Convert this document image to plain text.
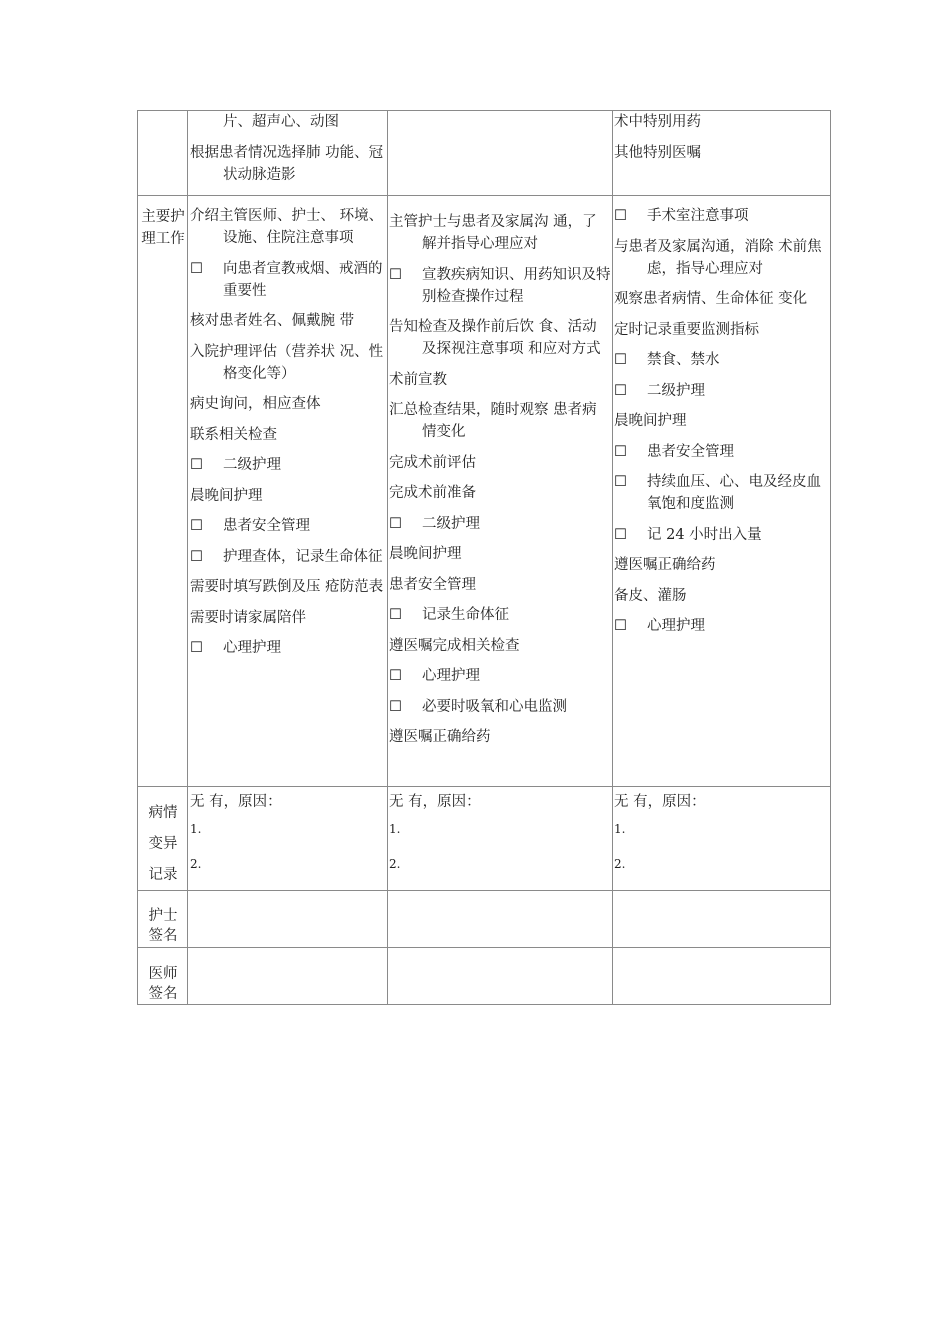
片、超声心、动图
根据患者情况选择肺 功能、冠状动脉造影
术中特别用药
其他特别医嘱
主要护理工作
介绍主管医师、护士、 环境、设施、住院注意事项
☐ 向患者宣教戒烟、戒酒的重要性
核对患者姓名、佩戴腕 带
入院护理评估（营养状 况、性格变化等）
病史询问，相应查体
联系相关检查
☐ 二级护理
晨晚间护理
☐ 患者安全管理
☐ 护理查体，记录生命体征
需要时填写跌倒及压 疮防范表
需要时请家属陪伴
☐ 心理护理
主管护士与患者及家属沟 通，了解并指导心理应对
☐ 宣教疾病知识、用药知识及特别检查操作过程
告知检查及操作前后饮 食、活动及探视注意事项 和应对方式
术前宣教
汇总检查结果，随时观察 患者病情变化
完成术前评估
完成术前准备
☐ 二级护理
晨晚间护理
患者安全管理
☐ 记录生命体征
遵医嘱完成相关检查
☐ 心理护理
☐ 必要时吸氧和心电监测
遵医嘱正确给药
☐ 手术室注意事项
与患者及家属沟通，消除 术前焦虑，指导心理应对
观察患者病情、生命体征 变化
定时记录重要监测指标
☐ 禁食、禁水
☐ 二级护理
晨晚间护理
☐ 患者安全管理
☐ 持续血压、心、电及经皮血 氧饱和度监测
☐ 记 24 小时出入量
遵医嘱正确给药
备皮、灌肠
☐ 心理护理
病情
变异
记录
无 有，原因：
1.
2.
无 有，原因：
1.
2.
无 有，原因：
1.
2.
护士
签名
医师
签名
